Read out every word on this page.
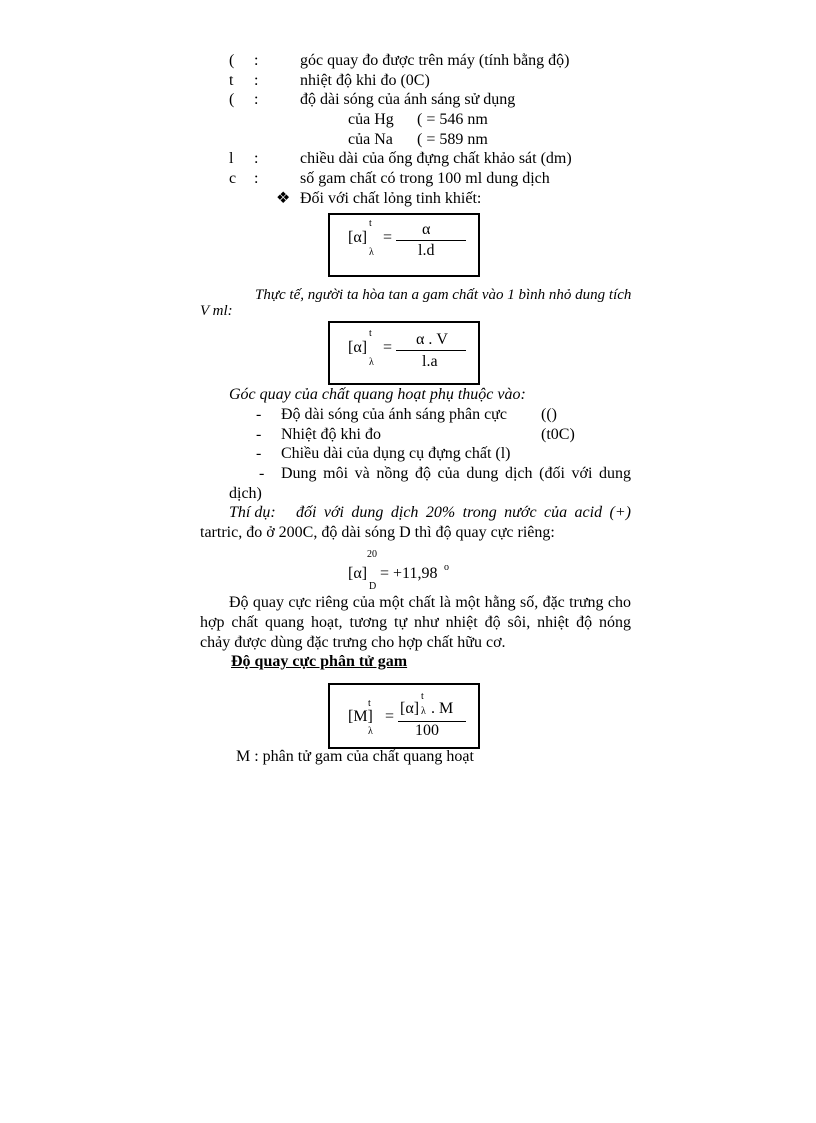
( :	góc quay đo được trên máy (tính bằng độ)
t :	nhiệt độ khi đo (0C)
( :	độ dài sóng của ánh sáng sử dụng
của Hg ( = 546 nm
của Na ( = 589 nm
l :	chiều dài của ống đựng chất khảo sát (dm)
c :	số gam chất có trong 100 ml dung dịch
❖ Đối với chất lỏng tinh khiết:
[α]
t
λ
= α
l.d
Thực tế, người ta hòa tan a gam chất vào 1 bình nhỏ dung tích
V ml:
[α]
t
λ
= α . V
l.a
Góc quay của chất quang hoạt phụ thuộc vào:
- Độ dài sóng của ánh sáng phân cực (()
- Nhiệt độ khi đo	(t0C)
- Chiều dài của dụng cụ đựng chất (l)
- Dung môi và nồng độ của dung dịch (đối với dung
dịch)
Thí dụ: đối với dung dịch 20% trong nước của acid (+)
tartric, đo ở 200C, độ dài sóng D thì độ quay cực riêng:
20
[α]
D
= +11,98 o
Độ quay cực riêng của một chất là một hằng số, đặc trưng cho
hợp chất quang hoạt, tương tự như nhiệt độ sôi, nhiệt độ nóng
chảy được dùng đặc trưng cho hợp chất hữu cơ.
Độ quay cực phân tử gam
[M]
t
λ
=
t
[α] λ . M
100
M : phân tử gam của chất quang hoạt
